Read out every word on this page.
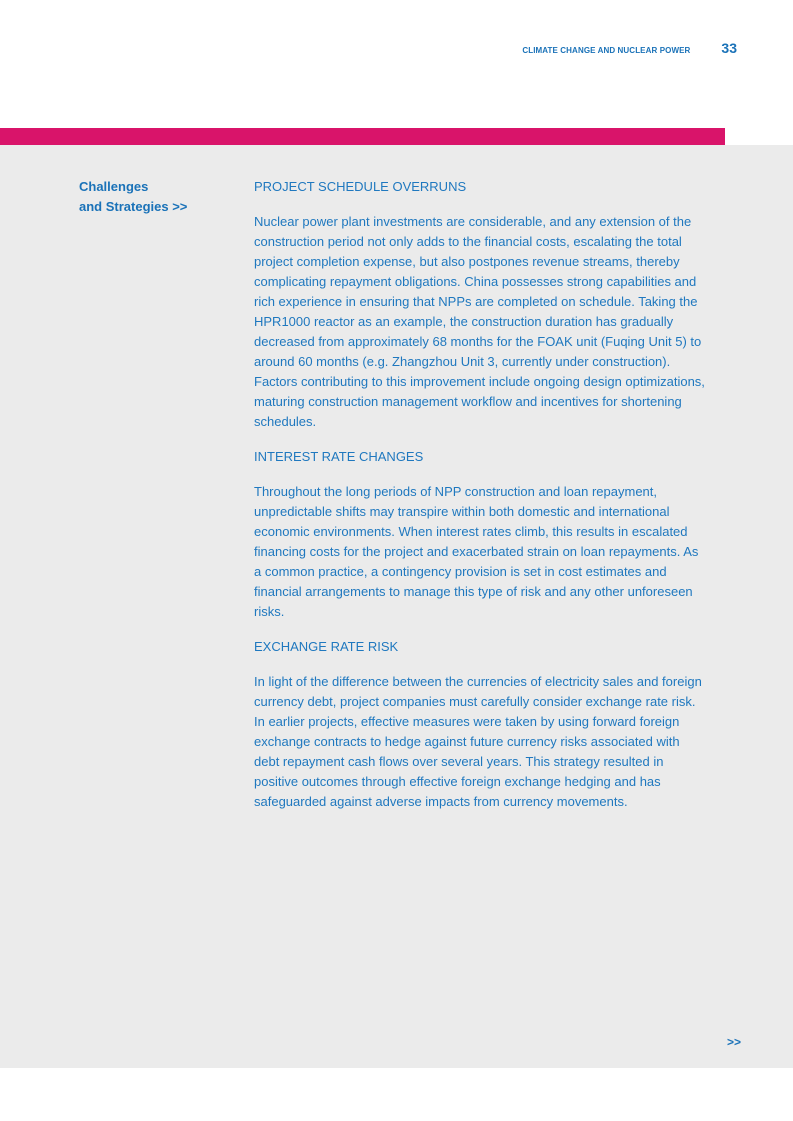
CLIMATE CHANGE AND NUCLEAR POWER 33
Challenges
and Strategies >>
PROJECT SCHEDULE OVERRUNS

Nuclear power plant investments are considerable, and any extension of the construction period not only adds to the financial costs, escalating the total project completion expense, but also postpones revenue streams, thereby complicating repayment obligations. China possesses strong capabilities and rich experience in ensuring that NPPs are completed on schedule. Taking the HPR1000 reactor as an example, the construction duration has gradually decreased from approximately 68 months for the FOAK unit (Fuqing Unit 5) to around 60 months (e.g. Zhangzhou Unit 3, currently under construction). Factors contributing to this improvement include ongoing design optimizations, maturing construction management workflow and incentives for shortening schedules.

INTEREST RATE CHANGES

Throughout the long periods of NPP construction and loan repayment, unpredictable shifts may transpire within both domestic and international economic environments. When interest rates climb, this results in escalated financing costs for the project and exacerbated strain on loan repayments. As a common practice, a contingency provision is set in cost estimates and financial arrangements to manage this type of risk and any other unforeseen risks.

EXCHANGE RATE RISK

In light of the difference between the currencies of electricity sales and foreign currency debt, project companies must carefully consider exchange rate risk. In earlier projects, effective measures were taken by using forward foreign exchange contracts to hedge against future currency risks associated with debt repayment cash flows over several years. This strategy resulted in positive outcomes through effective foreign exchange hedging and has safeguarded against adverse impacts from currency movements.

>>
